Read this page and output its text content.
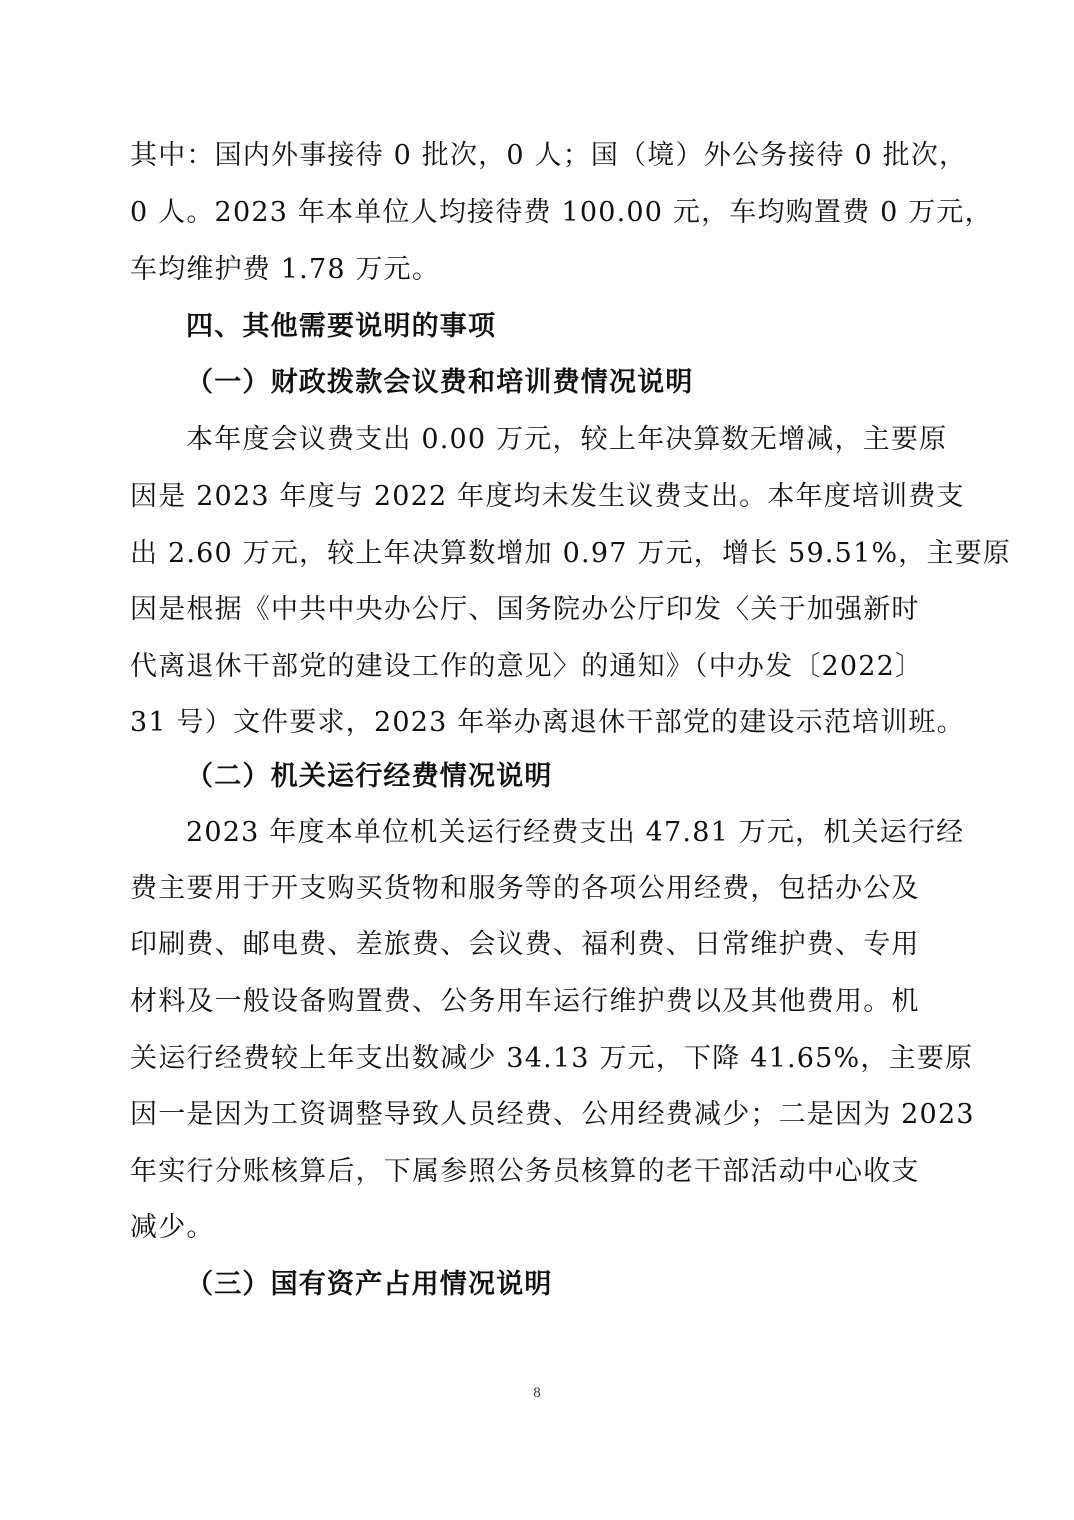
其中：国内外事接待 0 批次，0 人；国（境）外公务接待 0 批次，
0 人。2023 年本单位人均接待费 100.00 元，车均购置费 0 万元，
车均维护费 1.78 万元。
四、其他需要说明的事项
（一）财政拨款会议费和培训费情况说明
本年度会议费支出 0.00 万元，较上年决算数无增减，主要原
因是 2023 年度与 2022 年度均未发生议费支出。本年度培训费支
出 2.60 万元，较上年决算数增加 0.97 万元，增长 59.51%，主要原
因是根据《中共中央办公厅、国务院办公厅印发〈关于加强新时
代离退休干部党的建设工作的意见〉的通知》（中办发〔2022〕
31 号）文件要求，2023 年举办离退休干部党的建设示范培训班。
（二）机关运行经费情况说明
2023 年度本单位机关运行经费支出 47.81 万元，机关运行经
费主要用于开支购买货物和服务等的各项公用经费，包括办公及
印刷费、邮电费、差旅费、会议费、福利费、日常维护费、专用
材料及一般设备购置费、公务用车运行维护费以及其他费用。机
关运行经费较上年支出数减少 34.13 万元，下降 41.65%，主要原
因一是因为工资调整导致人员经费、公用经费减少；二是因为 2023
年实行分账核算后，下属参照公务员核算的老干部活动中心收支
减少。
（三）国有资产占用情况说明
8
